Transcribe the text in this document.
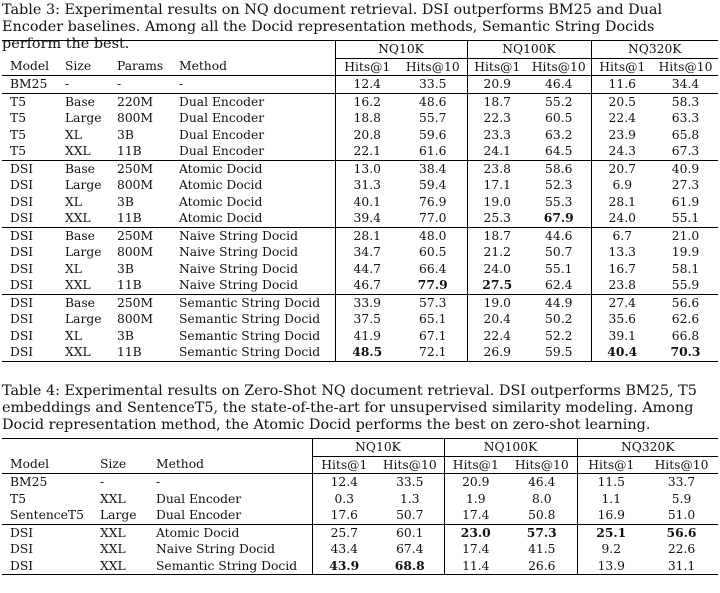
Table 3: Experimental results on NQ document retrieval. DSI outperforms BM25 and Dual Encoder baselines. Among all the Docid representation methods, Semantic String Docids perform the best.

				NQ10K		NQ100K		NQ320K	
Model	Size	Params	Method	Hits@1	Hits@10	Hits@1	Hits@10	Hits@1	Hits@10
BM25	-	-	-	12.4	33.5	20.9	46.4	11.6	34.4
T5	Base	220M	Dual Encoder	16.2	48.6	18.7	55.2	20.5	58.3
T5	Large	800M	Dual Encoder	18.8	55.7	22.3	60.5	22.4	63.3
T5	XL	3B	Dual Encoder	20.8	59.6	23.3	63.2	23.9	65.8
T5	XXL	11B	Dual Encoder	22.1	61.6	24.1	64.5	24.3	67.3
DSI	Base	250M	Atomic Docid	13.0	38.4	23.8	58.6	20.7	40.9
DSI	Large	800M	Atomic Docid	31.3	59.4	17.1	52.3	6.9	27.3
DSI	XL	3B	Atomic Docid	40.1	76.9	19.0	55.3	28.1	61.9
DSI	XXL	11B	Atomic Docid	39.4	77.0	25.3	67.9	24.0	55.1
DSI	Base	250M	Naive String Docid	28.1	48.0	18.7	44.6	6.7	21.0
DSI	Large	800M	Naive String Docid	34.7	60.5	21.2	50.7	13.3	19.9
DSI	XL	3B	Naive String Docid	44.7	66.4	24.0	55.1	16.7	58.1
DSI	XXL	11B	Naive String Docid	46.7	77.9	27.5	62.4	23.8	55.9
DSI	Base	250M	Semantic String Docid	33.9	57.3	19.0	44.9	27.4	56.6
DSI	Large	800M	Semantic String Docid	37.5	65.1	20.4	50.2	35.6	62.6
DSI	XL	3B	Semantic String Docid	41.9	67.1	22.4	52.2	39.1	66.8
DSI	XXL	11B	Semantic String Docid	48.5	72.1	26.9	59.5	40.4	70.3

Table 4: Experimental results on Zero-Shot NQ document retrieval. DSI outperforms BM25, T5 embeddings and SentenceT5, the state-of-the-art for unsupervised similarity modeling. Among Docid representation method, the Atomic Docid performs the best on zero-shot learning.

			NQ10K		NQ100K		NQ320K	
Model	Size	Method	Hits@1	Hits@10	Hits@1	Hits@10	Hits@1	Hits@10
BM25	-	-	12.4	33.5	20.9	46.4	11.5	33.7
T5	XXL	Dual Encoder	0.3	1.3	1.9	8.0	1.1	5.9
SentenceT5	Large	Dual Encoder	17.6	50.7	17.4	50.8	16.9	51.0
DSI	XXL	Atomic Docid	25.7	60.1	23.0	57.3	25.1	56.6
DSI	XXL	Naive String Docid	43.4	67.4	17.4	41.5	9.2	22.6
DSI	XXL	Semantic String Docid	43.9	68.8	11.4	26.6	13.9	31.1
